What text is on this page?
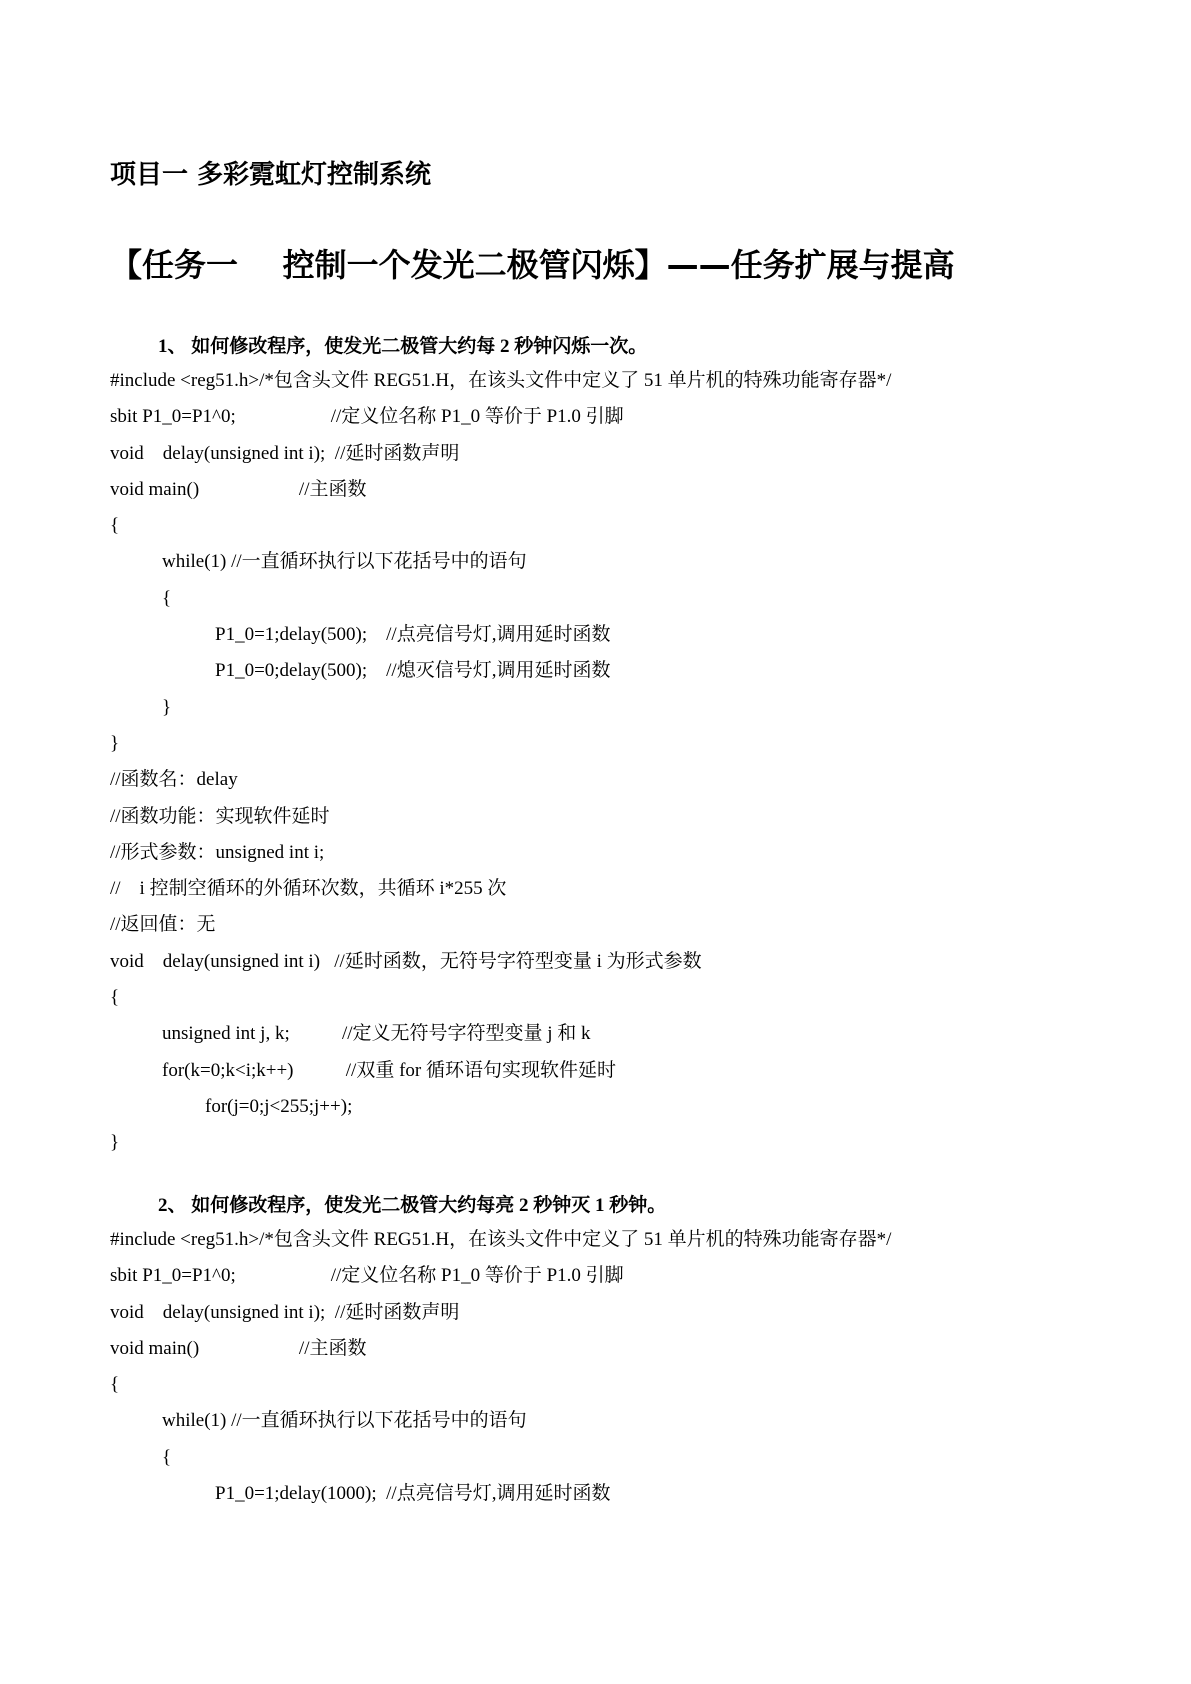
项目一 多彩霓虹灯控制系统
【任务一    控制一个发光二极管闪烁】——任务扩展与提高

1、 如何修改程序，使发光二极管大约每 2 秒钟闪烁一次。

#include <reg51.h>/*包含头文件 REG51.H，在该头文件中定义了 51 单片机的特殊功能寄存器*/
sbit P1_0=P1^0;                    //定义位名称 P1_0 等价于 P1.0 引脚
void    delay(unsigned int i);  //延时函数声明
void main()                     //主函数
{
while(1) //一直循环执行以下花括号中的语句
{
P1_0=1;delay(500);    //点亮信号灯,调用延时函数
P1_0=0;delay(500);    //熄灭信号灯,调用延时函数
}
}
//函数名：delay
//函数功能：实现软件延时
//形式参数：unsigned int i;
//    i 控制空循环的外循环次数，共循环 i*255 次
//返回值：无
void    delay(unsigned int i)   //延时函数，无符号字符型变量 i 为形式参数
{
unsigned int j, k;           //定义无符号字符型变量 j 和 k
for(k=0;k<i;k++)           //双重 for 循环语句实现软件延时
for(j=0;j<255;j++);
}

2、 如何修改程序，使发光二极管大约每亮 2 秒钟灭 1 秒钟。

#include <reg51.h>/*包含头文件 REG51.H，在该头文件中定义了 51 单片机的特殊功能寄存器*/
sbit P1_0=P1^0;                    //定义位名称 P1_0 等价于 P1.0 引脚
void    delay(unsigned int i);  //延时函数声明
void main()                     //主函数
{
while(1) //一直循环执行以下花括号中的语句
{
P1_0=1;delay(1000);  //点亮信号灯,调用延时函数
